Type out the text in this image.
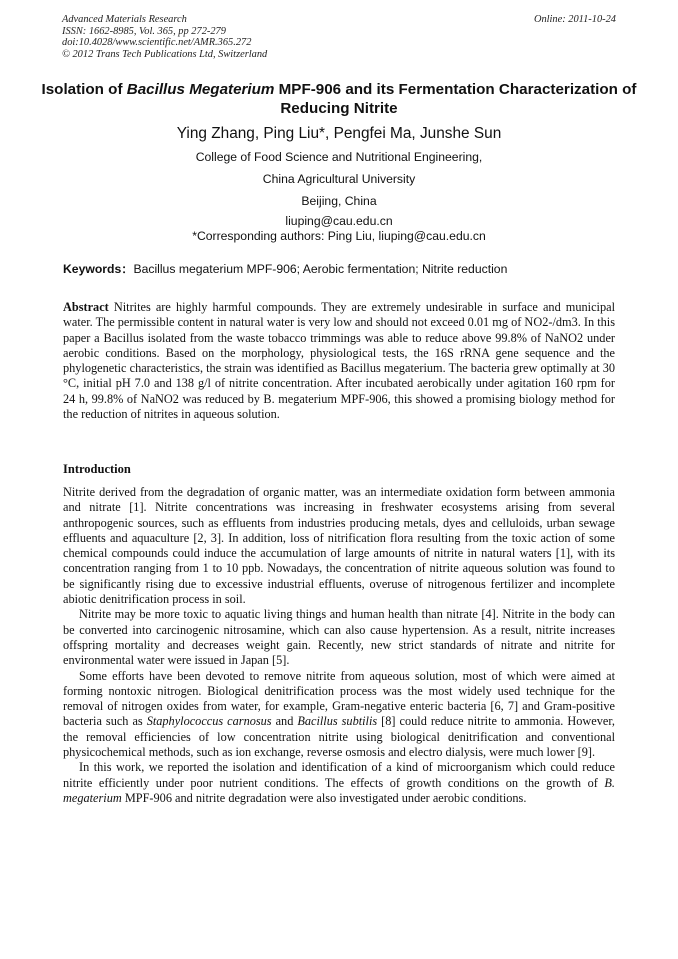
Advanced Materials Research
ISSN: 1662-8985, Vol. 365, pp 272-279
doi:10.4028/www.scientific.net/AMR.365.272
© 2012 Trans Tech Publications Ltd, Switzerland
Online: 2011-10-24
Isolation of Bacillus Megaterium MPF-906 and its Fermentation Characterization of Reducing Nitrite
Ying Zhang, Ping Liu*, Pengfei Ma, Junshe Sun
College of Food Science and Nutritional Engineering,
China Agricultural University
Beijing, China
liuping@cau.edu.cn
*Corresponding authors: Ping Liu, liuping@cau.edu.cn
Keywords：Bacillus megaterium MPF-906; Aerobic fermentation; Nitrite reduction

Abstract Nitrites are highly harmful compounds. They are extremely undesirable in surface and municipal water. The permissible content in natural water is very low and should not exceed 0.01 mg of NO2-/dm3. In this paper a Bacillus isolated from the waste tobacco trimmings was able to reduce above 99.8% of NaNO2 under aerobic conditions. Based on the morphology, physiological tests, the 16S rRNA gene sequence and the phylogenetic characteristics, the strain was identified as Bacillus megaterium. The bacteria grew optimally at 30 °C, initial pH 7.0 and 138 g/l of nitrite concentration. After incubated aerobically under agitation 160 rpm for 24 h, 99.8% of NaNO2 was reduced by B. megaterium MPF-906, this showed a promising biology method for the reduction of nitrites in aqueous solution.

Introduction

Nitrite derived from the degradation of organic matter, was an intermediate oxidation form between ammonia and nitrate [1]. Nitrite concentrations was increasing in freshwater ecosystems arising from several anthropogenic sources, such as effluents from industries producing metals, dyes and celluloids, urban sewage effluents and aquaculture [2, 3]. In addition, loss of nitrification flora resulting from the toxic action of some chemical compounds could induce the accumulation of large amounts of nitrite in natural waters [1], with its concentration ranging from 1 to 10 ppb. Nowadays, the concentration of nitrite aqueous solution was found to be significantly rising due to excessive industrial effluents, overuse of nitrogenous fertilizer and incomplete abiotic denitrification process in soil.

Nitrite may be more toxic to aquatic living things and human health than nitrate [4]. Nitrite in the body can be converted into carcinogenic nitrosamine, which can also cause hypertension. As a result, nitrite increases offspring mortality and decreases weight gain. Recently, new strict standards of nitrate and nitrite for environmental water were issued in Japan [5].

Some efforts have been devoted to remove nitrite from aqueous solution, most of which were aimed at forming nontoxic nitrogen. Biological denitrification process was the most widely used technique for the removal of nitrogen oxides from water, for example, Gram-negative enteric bacteria [6, 7] and Gram-positive bacteria such as Staphylococcus carnosus and Bacillus subtilis [8] could reduce nitrite to ammonia. However, the removal efficiencies of low concentration nitrite using biological denitrification and conventional physicochemical methods, such as ion exchange, reverse osmosis and electro dialysis, were much lower [9].

In this work, we reported the isolation and identification of a kind of microorganism which could reduce nitrite efficiently under poor nutrient conditions. The effects of growth conditions on the growth of B. megaterium MPF-906 and nitrite degradation were also investigated under aerobic conditions.
